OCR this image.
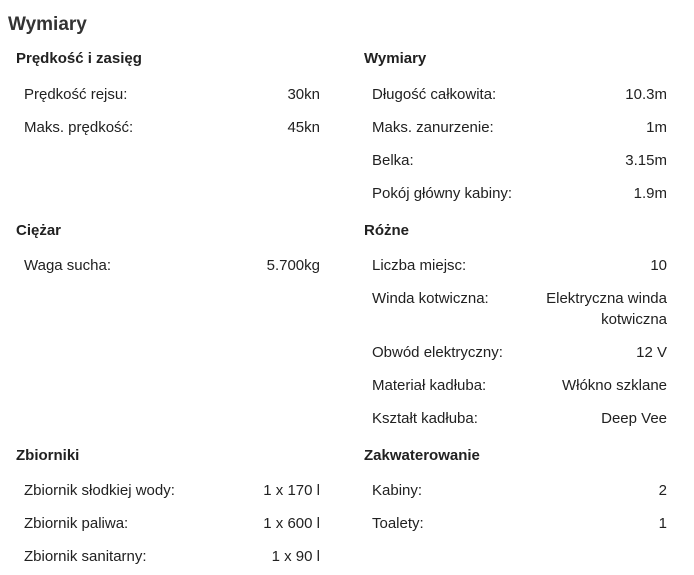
Wymiary
Prędkość i zasięg
Prędkość rejsu:	30kn
Maks. prędkość:	45kn
Ciężar
Waga sucha:	5.700kg
Zbiorniki
Zbiornik słodkiej wody:	1 x 170 l
Zbiornik paliwa:	1 x 600 l
Zbiornik sanitarny:	1 x 90 l
Wymiary
Długość całkowita:	10.3m
Maks. zanurzenie:	1m
Belka:	3.15m
Pokój główny kabiny:	1.9m
Różne
Liczba miejsc:	10
Winda kotwiczna:	Elektryczna winda kotwiczna
Obwód elektryczny:	12 V
Materiał kadłuba:	Włókno szklane
Kształt kadłuba:	Deep Vee
Zakwaterowanie
Kabiny:	2
Toalety:	1
